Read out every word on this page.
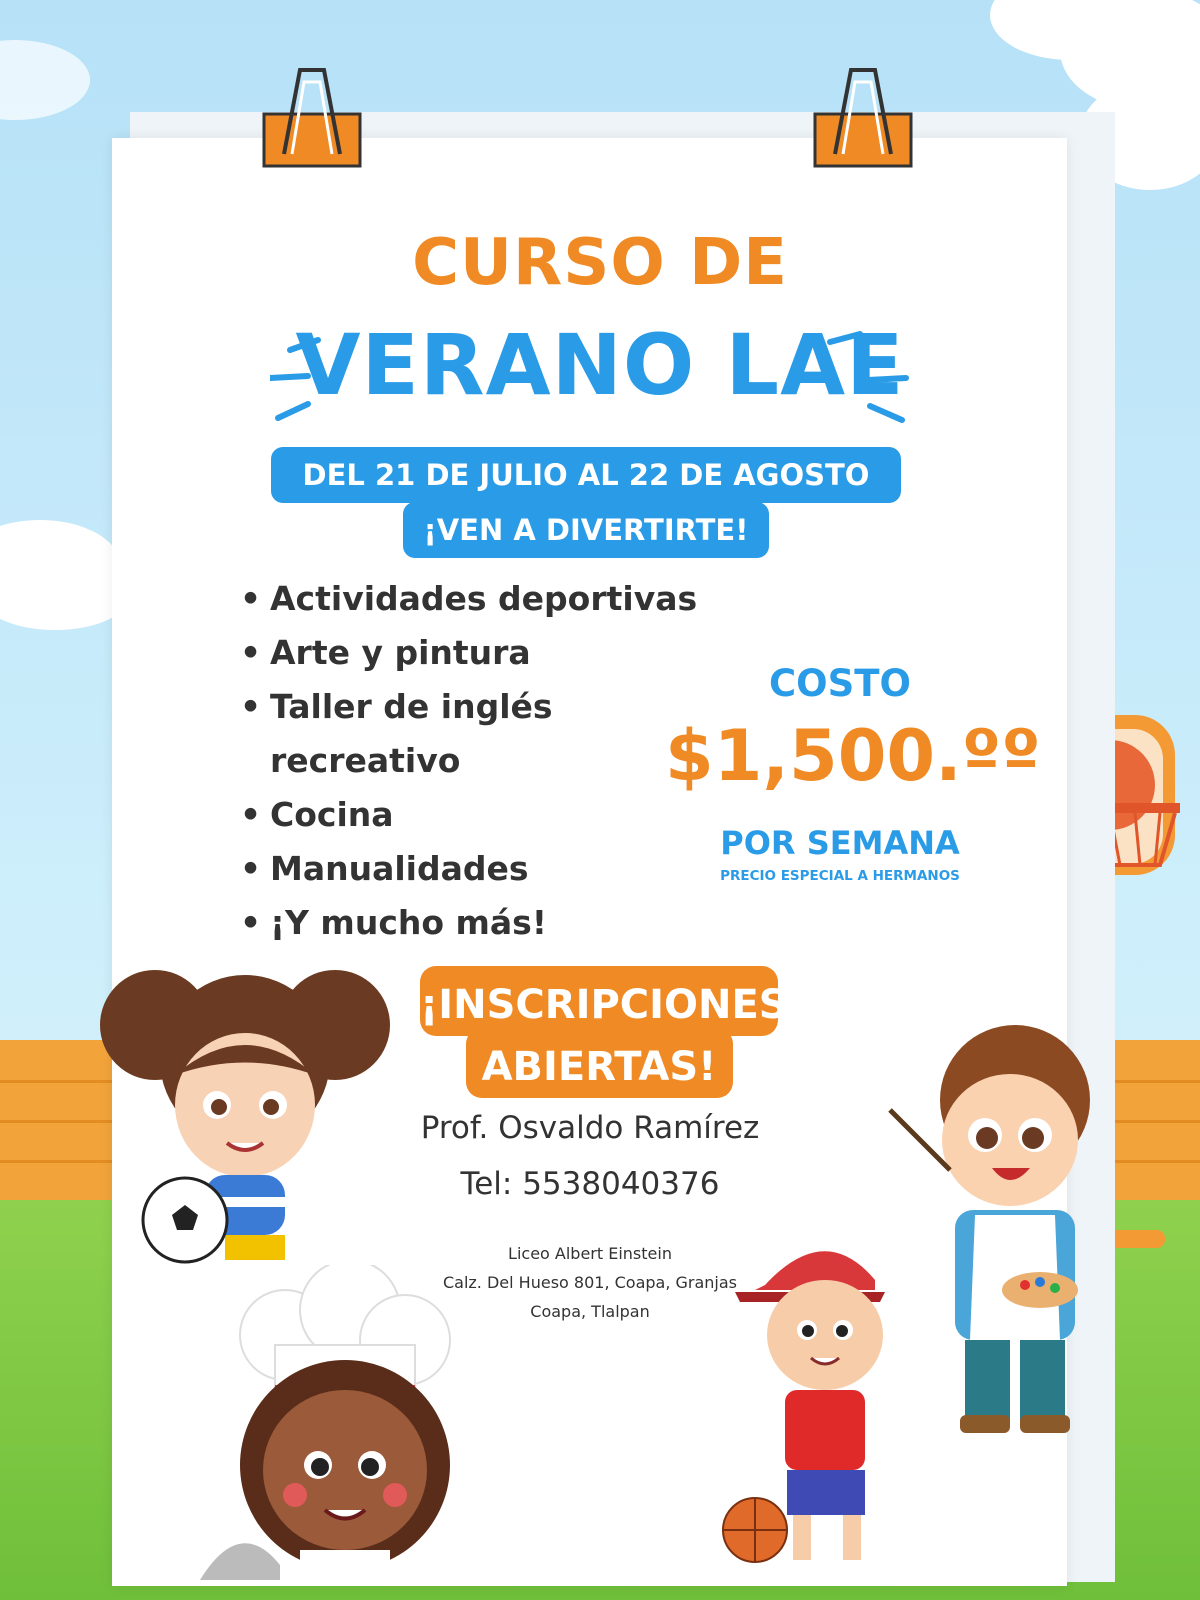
CURSO DE
VERANO LAE
DEL 21 DE JULIO AL 22 DE AGOSTO
¡VEN A DIVERTIRTE!
• Actividades deportivas
• Arte y pintura
• Taller de inglés recreativo
• Cocina
• Manualidades
• ¡Y mucho más!
COSTO
$1,500.ºº
POR SEMANA
PRECIO ESPECIAL A HERMANOS
¡INSCRIPCIONES
ABIERTAS!
Prof. Osvaldo Ramírez
Tel: 5538040376
Liceo Albert Einstein
Calz. Del Hueso 801, Coapa, Granjas
Coapa, Tlalpan
